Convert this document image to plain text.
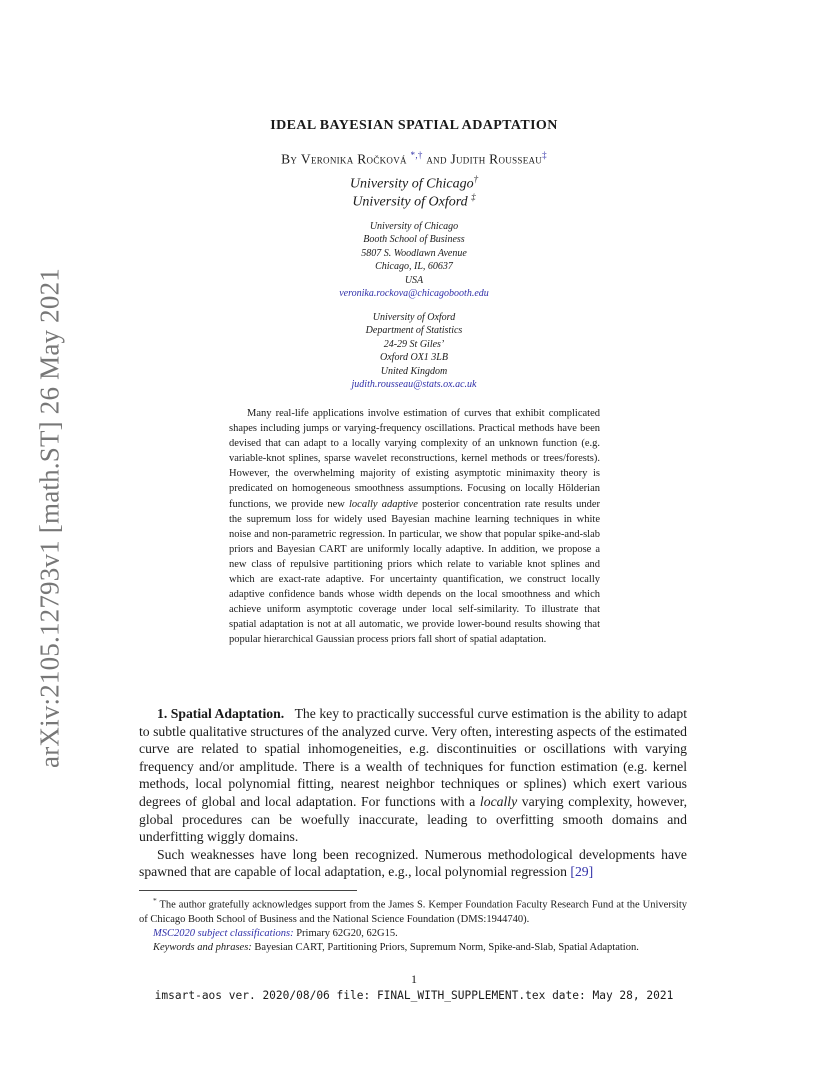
arXiv:2105.12793v1 [math.ST] 26 May 2021
IDEAL BAYESIAN SPATIAL ADAPTATION
By Veronika Ročková *,† and Judith Rousseau‡
University of Chicago†
University of Oxford ‡
University of Chicago
Booth School of Business
5807 S. Woodlawn Avenue
Chicago, IL, 60637
USA
veronika.rockova@chicagobooth.edu
University of Oxford
Department of Statistics
24-29 St Giles’
Oxford OX1 3LB
United Kingdom
judith.rousseau@stats.ox.ac.uk
Many real-life applications involve estimation of curves that exhibit complicated shapes including jumps or varying-frequency oscillations. Practical methods have been devised that can adapt to a locally varying complexity of an unknown function (e.g. variable-knot splines, sparse wavelet reconstructions, kernel methods or trees/forests). However, the overwhelming majority of existing asymptotic minimaxity theory is predicated on homogeneous smoothness assumptions. Focusing on locally Hölderian functions, we provide new locally adaptive posterior concentration rate results under the supremum loss for widely used Bayesian machine learning techniques in white noise and non-parametric regression. In particular, we show that popular spike-and-slab priors and Bayesian CART are uniformly locally adaptive. In addition, we propose a new class of repulsive partitioning priors which relate to variable knot splines and which are exact-rate adaptive. For uncertainty quantification, we construct locally adaptive confidence bands whose width depends on the local smoothness and which achieve uniform asymptotic coverage under local self-similarity. To illustrate that spatial adaptation is not at all automatic, we provide lower-bound results showing that popular hierarchical Gaussian process priors fall short of spatial adaptation.

1. Spatial Adaptation. The key to practically successful curve estimation is the ability to adapt to subtle qualitative structures of the analyzed curve. Very often, interesting aspects of the estimated curve are related to spatial inhomogeneities, e.g. discontinuities or oscillations with varying frequency and/or amplitude. There is a wealth of techniques for function estimation (e.g. kernel methods, local polynomial fitting, nearest neighbor techniques or splines) which exert various degrees of global and local adaptation. For functions with a locally varying complexity, however, global procedures can be woefully inaccurate, leading to overfitting smooth domains and underfitting wiggly domains.

Such weaknesses have long been recognized. Numerous methodological developments have spawned that are capable of local adaptation, e.g., local polynomial regression [29]

* The author gratefully acknowledges support from the James S. Kemper Foundation Faculty Research Fund at the University of Chicago Booth School of Business and the National Science Foundation (DMS:1944740).

MSC2020 subject classifications: Primary 62G20, 62G15.

Keywords and phrases: Bayesian CART, Partitioning Priors, Supremum Norm, Spike-and-Slab, Spatial Adaptation.

1
imsart-aos ver. 2020/08/06 file: FINAL_WITH_SUPPLEMENT.tex date: May 28, 2021
